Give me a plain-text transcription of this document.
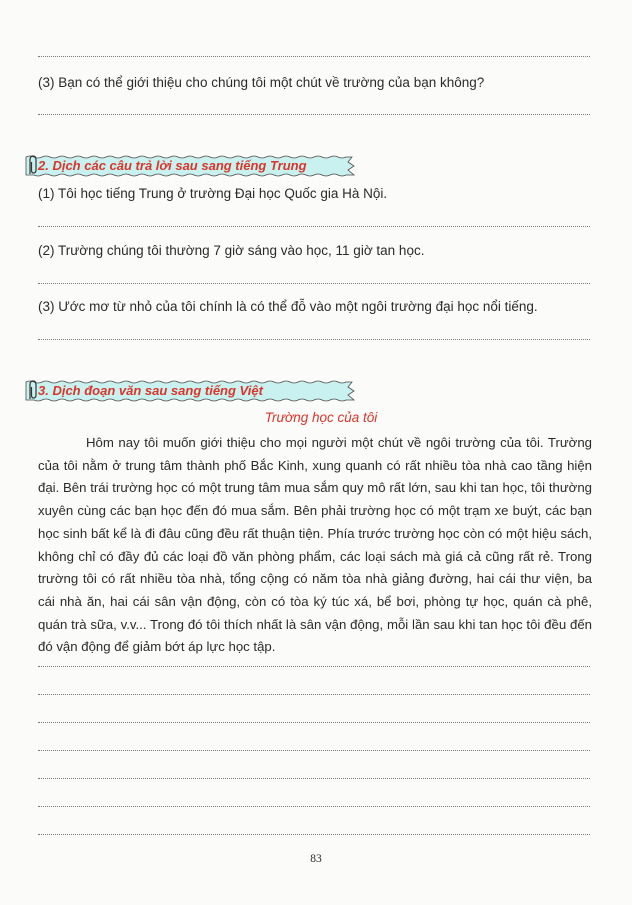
(3) Bạn có thể giới thiệu cho chúng tôi một chút về trường của bạn không?
2. Dịch các câu trả lời sau sang tiếng Trung
(1) Tôi học tiếng Trung ở trường Đại học Quốc gia Hà Nội.
(2) Trường chúng tôi thường 7 giờ sáng vào học, 11 giờ tan học.
(3) Ước mơ từ nhỏ của tôi chính là có thể đỗ vào một ngôi trường đại học nổi tiếng.
3. Dịch đoạn văn sau sang tiếng Việt
Trường học của tôi
Hôm nay tôi muốn giới thiệu cho mọi người một chút về ngôi trường của tôi. Trường của tôi nằm ở trung tâm thành phố Bắc Kinh, xung quanh có rất nhiều tòa nhà cao tầng hiện đại. Bên trái trường học có một trung tâm mua sắm quy mô rất lớn, sau khi tan học, tôi thường xuyên cùng các bạn học đến đó mua sắm. Bên phải trường học có một trạm xe buýt, các bạn học sinh bất kể là đi đâu cũng đều rất thuận tiện. Phía trước trường học còn có một hiệu sách, không chỉ có đầy đủ các loại đồ văn phòng phẩm, các loại sách mà giá cả cũng rất rẻ. Trong trường tôi có rất nhiều tòa nhà, tổng cộng có năm tòa nhà giảng đường, hai cái thư viện, ba cái nhà ăn, hai cái sân vận động, còn có tòa ký túc xá, bể bơi, phòng tự học, quán cà phê, quán trà sữa, v.v... Trong đó tôi thích nhất là sân vận động, mỗi lần sau khi tan học tôi đều đến đó vận động để giảm bớt áp lực học tập.
83
